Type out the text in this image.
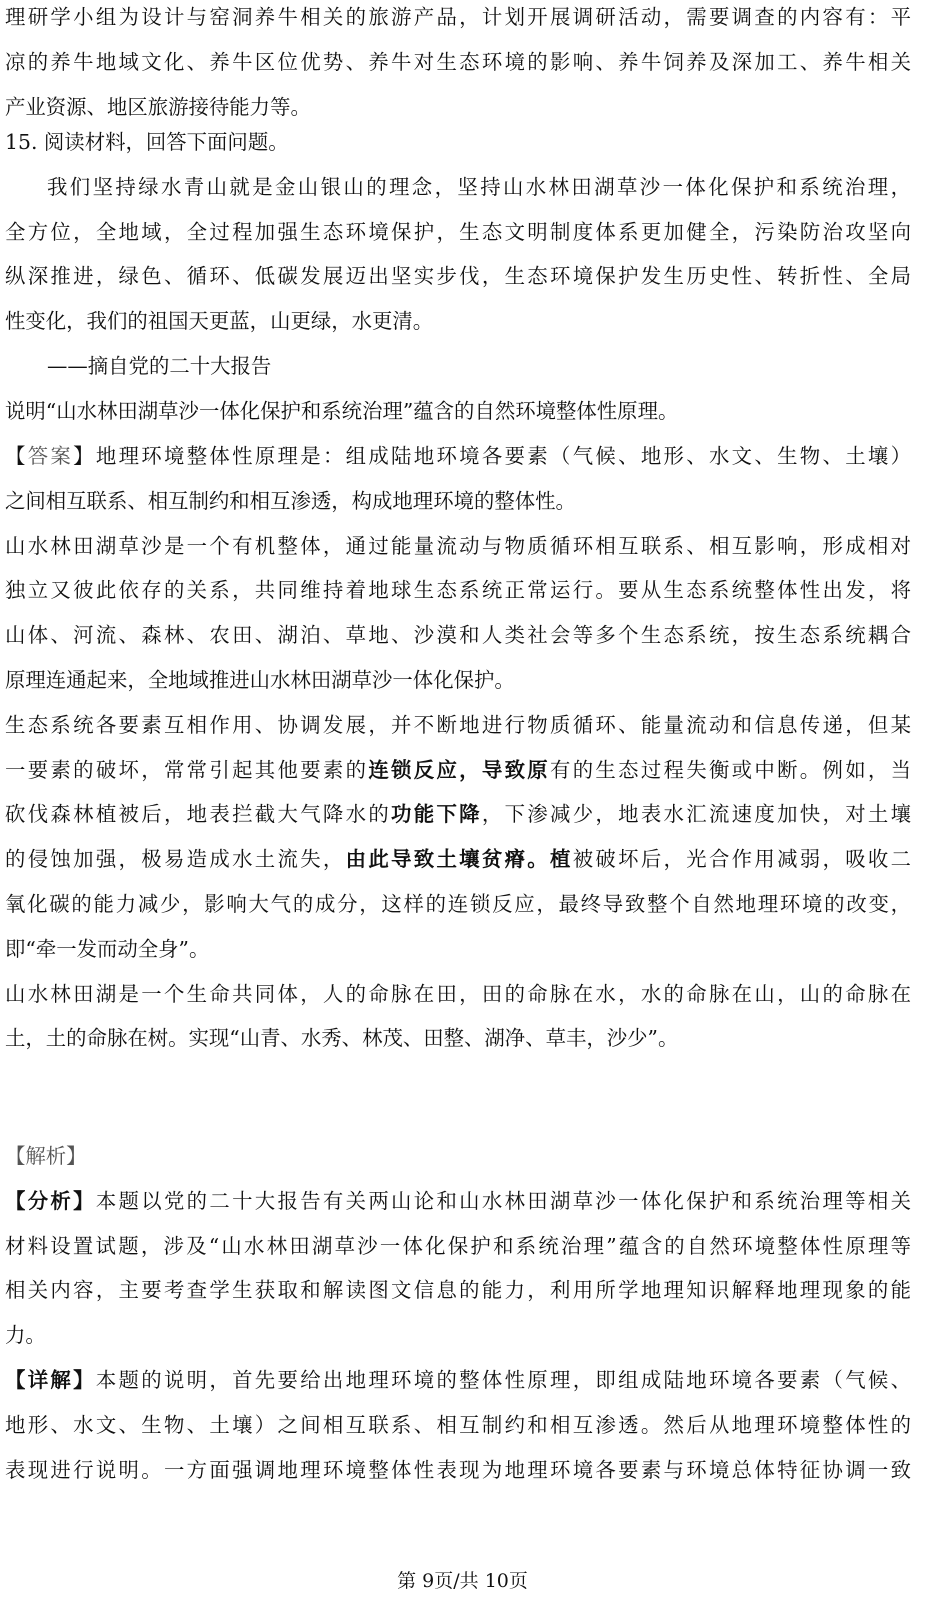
理研学小组为设计与窑洞养牛相关的旅游产品，计划开展调研活动，需要调查的内容有：平
凉的养牛地域文化、养牛区位优势、养牛对生态环境的影响、养牛饲养及深加工、养牛相关
产业资源、地区旅游接待能力等。
15. 阅读材料，回答下面问题。
我们坚持绿水青山就是金山银山的理念，坚持山水林田湖草沙一体化保护和系统治理，
全方位，全地域，全过程加强生态环境保护，生态文明制度体系更加健全，污染防治攻坚向
纵深推进，绿色、循环、低碳发展迈出坚实步伐，生态环境保护发生历史性、转折性、全局
性变化，我们的祖国天更蓝，山更绿，水更清。
——摘自党的二十大报告
说明“山水林田湖草沙一体化保护和系统治理”蕴含的自然环境整体性原理。
【答案】地理环境整体性原理是：组成陆地环境各要素（气候、地形、水文、生物、土壤）
之间相互联系、相互制约和相互渗透，构成地理环境的整体性。
山水林田湖草沙是一个有机整体，通过能量流动与物质循环相互联系、相互影响，形成相对
独立又彼此依存的关系，共同维持着地球生态系统正常运行。要从生态系统整体性出发，将
山体、河流、森林、农田、湖泊、草地、沙漠和人类社会等多个生态系统，按生态系统耦合
原理连通起来，全地域推进山水林田湖草沙一体化保护。
生态系统各要素互相作用、协调发展，并不断地进行物质循环、能量流动和信息传递，但某
一要素的破坏，常常引起其他要素的连锁反应，导致原有的生态过程失衡或中断。例如，当
砍伐森林植被后，地表拦截大气降水的功能下降，下渗减少，地表水汇流速度加快，对土壤
的侵蚀加强，极易造成水土流失，由此导致土壤贫瘠。植被破坏后，光合作用减弱，吸收二
氧化碳的能力减少，影响大气的成分，这样的连锁反应，最终导致整个自然地理环境的改变，
即“牵一发而动全身”。
山水林田湖是一个生命共同体，人的命脉在田，田的命脉在水，水的命脉在山，山的命脉在
土，土的命脉在树。实现“山青、水秀、林茂、田整、湖净、草丰，沙少”。
【解析】
【分析】本题以党的二十大报告有关两山论和山水林田湖草沙一体化保护和系统治理等相关
材料设置试题，涉及“山水林田湖草沙一体化保护和系统治理”蕴含的自然环境整体性原理等
相关内容，主要考查学生获取和解读图文信息的能力，利用所学地理知识解释地理现象的能
力。
【详解】本题的说明，首先要给出地理环境的整体性原理，即组成陆地环境各要素（气候、
地形、水文、生物、土壤）之间相互联系、相互制约和相互渗透。然后从地理环境整体性的
表现进行说明。一方面强调地理环境整体性表现为地理环境各要素与环境总体特征协调一致
第 9页/共 10页
